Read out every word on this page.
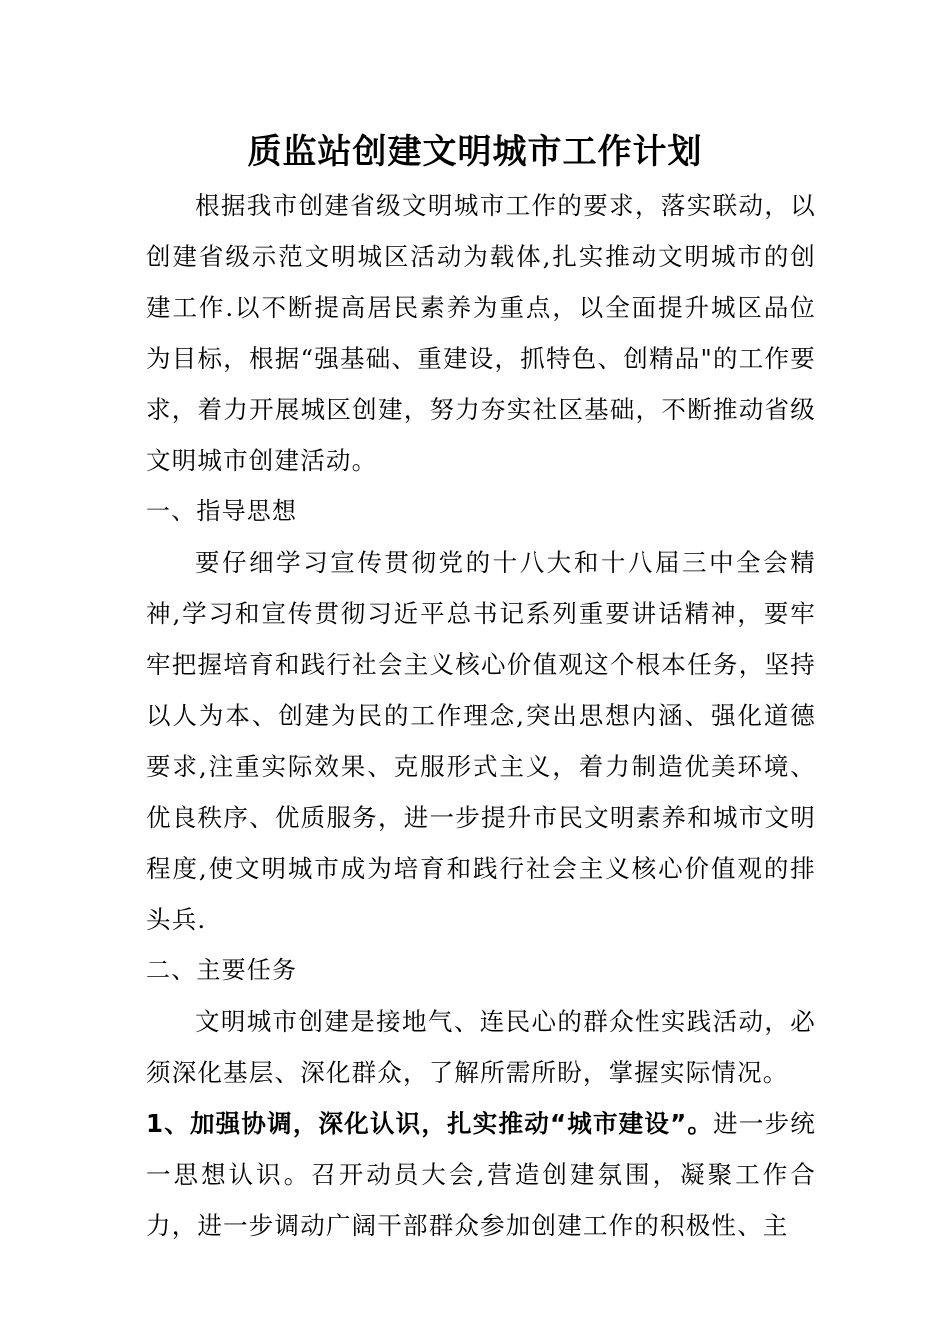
质监站创建文明城市工作计划

根据我市创建省级文明城市工作的要求，落实联动，以创建省级示范文明城区活动为载体,扎实推动文明城市的创建工作.以不断提高居民素养为重点，以全面提升城区品位为目标，根据“强基础、重建设，抓特色、创精品"的工作要求，着力开展城区创建，努力夯实社区基础，不断推动省级文明城市创建活动。

一、指导思想

要仔细学习宣传贯彻党的十八大和十八届三中全会精神,学习和宣传贯彻习近平总书记系列重要讲话精神，要牢牢把握培育和践行社会主义核心价值观这个根本任务，坚持以人为本、创建为民的工作理念,突出思想内涵、强化道德要求,注重实际效果、克服形式主义，着力制造优美环境、优良秩序、优质服务，进一步提升市民文明素养和城市文明程度,使文明城市成为培育和践行社会主义核心价值观的排头兵.

二、主要任务

文明城市创建是接地气、连民心的群众性实践活动，必须深化基层、深化群众，了解所需所盼，掌握实际情况。

1、加强协调，深化认识，扎实推动“城市建设”。进一步统一思想认识。召开动员大会,营造创建氛围，凝聚工作合力，进一步调动广阔干部群众参加创建工作的积极性、主
